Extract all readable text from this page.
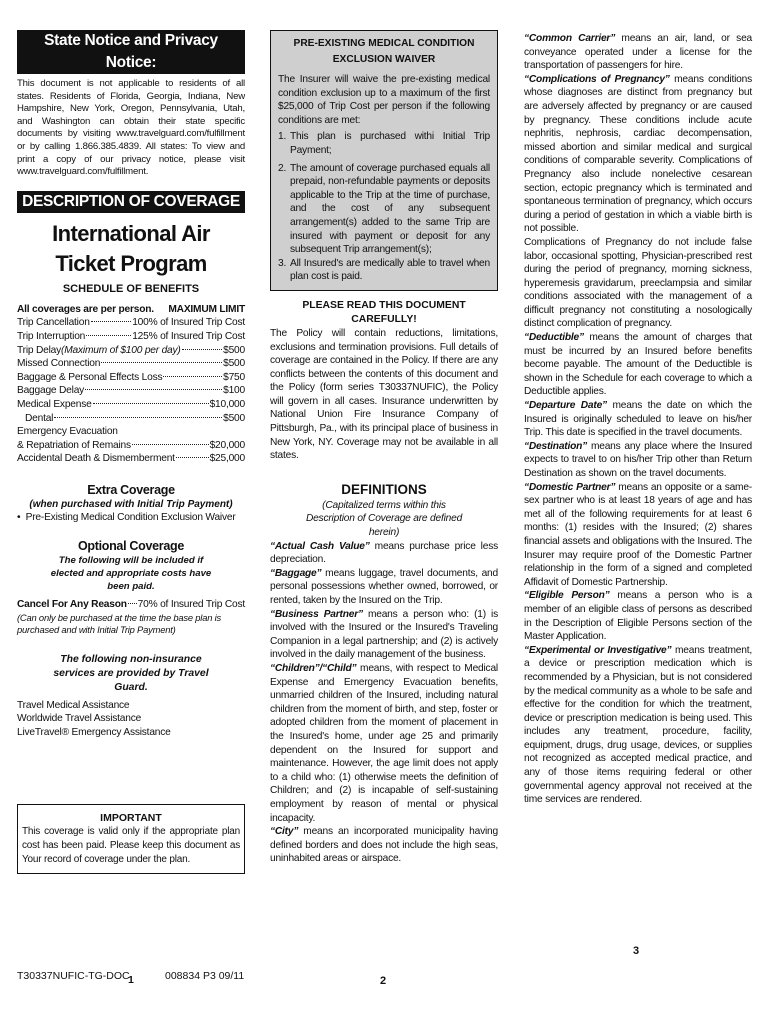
State Notice and Privacy Notice:

This document is not applicable to residents of all states. Residents of Florida, Georgia, Indiana, New Hampshire, New York, Oregon, Pennsylvania, Utah, and Washington can obtain their state specific documents by visiting www.travelguard.com/fulfillment or by calling 1.866.385.4839. All states: To view and print a copy of our privacy notice, please visit www.travelguard.com/fulfillment.

DESCRIPTION OF COVERAGE
International Air Ticket Program
SCHEDULE OF BENEFITS
All coverages are per person. MAXIMUM LIMIT
Trip Cancellation	100% of Insured Trip Cost
Trip Interruption	125% of Insured Trip Cost
Trip Delay (Maximum of $100 per day)	$500
Missed Connection	$500
Baggage & Personal Effects Loss	$750
Baggage Delay	$100
Medical Expense	$10,000
Dental	$500
Emergency Evacuation
& Repatriation of Remains	$20,000
Accidental Death & Dismemberment	$25,000
Extra Coverage
(when purchased with Initial Trip Payment)

•  Pre-Existing Medical Condition Exclusion Waiver

Optional Coverage
The following will be included if elected and appropriate costs have been paid.
Cancel For Any Reason 70% of Insured Trip Cost

(Can only be purchased at the time the base plan is purchased and with Initial Trip Payment)

The following non-insurance services are provided by Travel Guard.

Travel Medical Assistance

Worldwide Travel Assistance

LiveTravel® Emergency Assistance

IMPORTANT

This coverage is valid only if the appropriate plan cost has been paid. Please keep this document as Your record of coverage under the plan.

T30337NUFIC-TG-DOC
1	008834 P3 09/11
PRE-EXISTING MEDICAL CONDITION
EXCLUSION WAIVER

The Insurer will waive the pre-existing medical condition exclusion up to a maximum of the first $25,000 of Trip Cost per person if the following conditions are met:

1. This plan is purchased withi Initial Trip Payment;
2. The amount of coverage purchased equals all prepaid, non-refundable payments or deposits applicable to the Trip at the time of purchase, and the cost of any subsequent arrangement(s) added to the same Trip are insured with payment or deposit for any subsequent Trip arrangement(s);
3. All Insured's are medically able to travel when plan cost is paid.
PLEASE READ THIS DOCUMENT CAREFULLY!

The Policy will contain reductions, limitations, exclusions and termination provisions. Full details of coverage are contained in the Policy. If there are any conflicts between the contents of this document and the Policy (form series T30337NUFIC), the Policy will govern in all cases. Insurance underwritten by National Union Fire Insurance Company of Pittsburgh, Pa., with its principal place of business in New York, NY. Coverage may not be available in all states.

DEFINITIONS

(Capitalized terms within this Description of Coverage are defined herein)

“Actual Cash Value” means purchase price less depreciation.

“Baggage” means luggage, travel documents, and personal possessions whether owned, borrowed, or rented, taken by the Insured on the Trip.

“Business Partner” means a person who: (1) is involved with the Insured or the Insured's Traveling Companion in a legal partnership; and (2) is actively involved in the daily management of the business.

“Children”/“Child” means, with respect to Medical Expense and Emergency Evacuation benefits, unmarried children of the Insured, including natural children from the moment of birth, and step, foster or adopted children from the moment of placement in the Insured's home, under age 25 and primarily dependent on the Insured for support and maintenance. However, the age limit does not apply to a child who: (1) otherwise meets the definition of Children; and (2) is incapable of self-sustaining employment by reason of mental or physical incapacity.

“City” means an incorporated municipality having defined borders and does not include the high seas, uninhabited areas or airspace.

2

“Common Carrier” means an air, land, or sea conveyance operated under a license for the transportation of passengers for hire.

“Complications of Pregnancy” means conditions whose diagnoses are distinct from pregnancy but are adversely affected by pregnancy or are caused by pregnancy. These conditions include acute nephritis, nephrosis, cardiac decompensation, missed abortion and similar medical and surgical conditions of comparable severity. Complications of Pregnancy also include nonelective cesarean section, ectopic pregnancy which is terminated and spontaneous termination of pregnancy, which occurs during a period of gestation in which a viable birth is not possible.

Complications of Pregnancy do not include false labor, occasional spotting, Physician-prescribed rest during the period of pregnancy, morning sickness, hyperemesis gravidarum, preeclampsia and similar conditions associated with the management of a difficult pregnancy not constituting a nosologically distinct complication of pregnancy.

“Deductible” means the amount of charges that must be incurred by an Insured before benefits become payable. The amount of the Deductible is shown in the Schedule for each coverage to which a Deductible applies.

“Departure Date” means the date on which the Insured is originally scheduled to leave on his/her Trip. This date is specified in the travel documents.

“Destination” means any place where the Insured expects to travel to on his/her Trip other than Return Destination as shown on the travel documents.

“Domestic Partner” means an opposite or a same-sex partner who is at least 18 years of age and has met all of the following requirements for at least 6 months: (1) resides with the Insured; (2) shares financial assets and obligations with the Insured. The Insurer may require proof of the Domestic Partner relationship in the form of a signed and completed Affidavit of Domestic Partnership.

“Eligible Person” means a person who is a member of an eligible class of persons as described in the Description of Eligible Persons section of the Master Application.

“Experimental or Investigative” means treatment, a device or prescription medication which is recommended by a Physician, but is not considered by the medical community as a whole to be safe and effective for the condition for which the treatment, device or prescription medication is being used. This includes any treatment, procedure, facility, equipment, drugs, drug usage, devices, or supplies not recognized as accepted medical practice, and any of those items requiring federal or other governmental agency approval not received at the time services are rendered.

3
